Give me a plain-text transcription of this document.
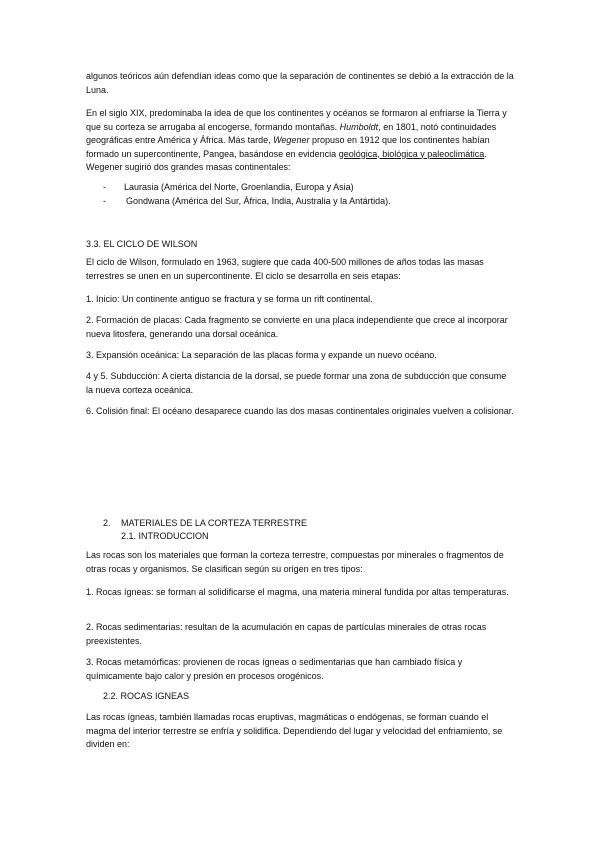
algunos teóricos aún defendían ideas como que la separación de continentes se debió a la extracción de la Luna.

En el siglo XIX, predominaba la idea de que los continentes y océanos se formaron al enfriarse la Tierra y que su corteza se arrugaba al encogerse, formando montañas. Humboldt, en 1801, notó continuidades geográficas entre América y África. Más tarde, Wegener propuso en 1912 que los continentes habían formado un supercontinente, Pangea, basándose en evidencia geológica, biológica y paleoclimática. Wegener sugirió dos grandes masas continentales:

-	Laurasia (América del Norte, Groenlandia, Europa y Asia)
-	Gondwana (América del Sur, África, India, Australia y la Antártida).

3.3. EL CICLO DE WILSON

El ciclo de Wilson, formulado en 1963, sugiere que cada 400-500 millones de años todas las masas terrestres se unen en un supercontinente. El ciclo se desarrolla en seis etapas:

1. Inicio: Un continente antiguo se fractura y se forma un rift continental.

2. Formación de placas: Cada fragmento se convierte en una placa independiente que crece al incorporar nueva litosfera, generando una dorsal oceánica.

3. Expansión oceánica: La separación de las placas forma y expande un nuevo océano.

4 y 5. Subducción: A cierta distancia de la dorsal, se puede formar una zona de subducción que consume la nueva corteza oceánica.

6. Colisión final: El océano desaparece cuando las dos masas continentales originales vuelven a colisionar.

2.	MATERIALES DE LA CORTEZA TERRESTRE

2.1. INTRODUCCION

Las rocas son los materiales que forman la corteza terrestre, compuestas por minerales o fragmentos de otras rocas y organismos. Se clasifican según su origen en tres tipos:

1. Rocas ígneas: se forman al solidificarse el magma, una materia mineral fundida por altas temperaturas.

2. Rocas sedimentarias: resultan de la acumulación en capas de partículas minerales de otras rocas preexistentes.

3. Rocas metamórficas: provienen de rocas ígneas o sedimentarias que han cambiado física y químicamente bajo calor y presión en procesos orogénicos.

2.2. ROCAS IGNEAS

Las rocas ígneas, también llamadas rocas eruptivas, magmáticas o endógenas, se forman cuando el magma del interior terrestre se enfría y solidifica. Dependiendo del lugar y velocidad del enfriamiento, se dividen en:
